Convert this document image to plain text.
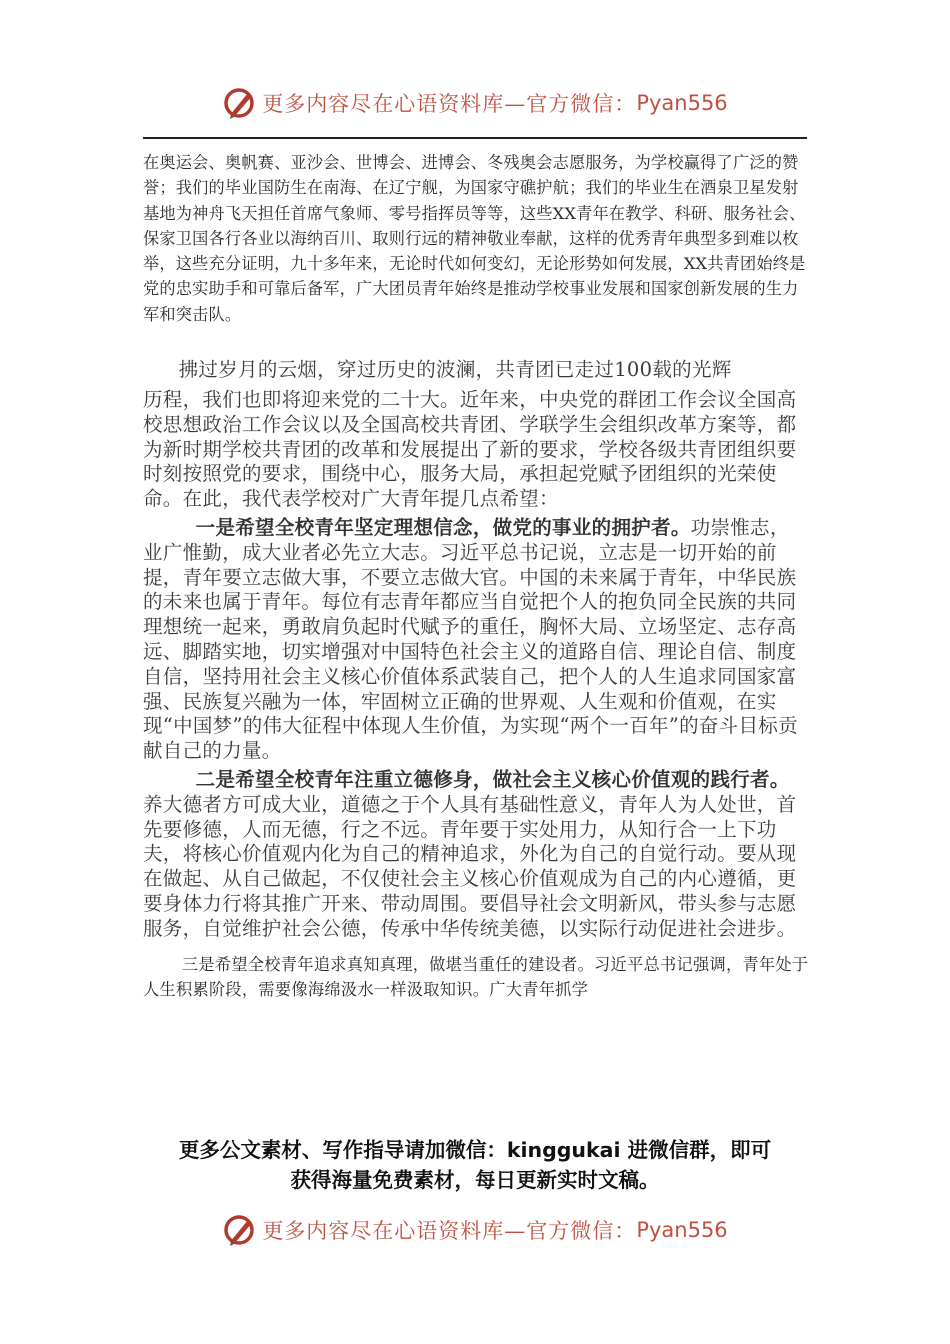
更多内容尽在心语资料库—官方微信： Pyan556

在奥运会、奥帆赛、亚沙会、世博会、进博会、冬残奥会志愿服务，为学校赢得了广泛的赞誉；我们的毕业国防生在南海、在辽宁舰，为国家守礁护航；我们的毕业生在酒泉卫星发射基地为神舟飞天担任首席气象师、零号指挥员等等，这些XX青年在教学、科研、服务社会、保家卫国各行各业以海纳百川、取则行远的精神敬业奉献，这样的优秀青年典型多到难以枚举，这些充分证明，九十多年来，无论时代如何变幻，无论形势如何发展，XX共青团始终是党的忠实助手和可靠后备军，广大团员青年始终是推动学校事业发展和国家创新发展的生力军和突击队。

拂过岁月的云烟，穿过历史的波澜，共青团已走过100载的光辉

历程，我们也即将迎来党的二十大。近年来，中央党的群团工作会议全国高校思想政治工作会议以及全国高校共青团、学联学生会组织改革方案等，都为新时期学校共青团的改革和发展提出了新的要求，学校各级共青团组织要时刻按照党的要求，围绕中心，服务大局，承担起党赋予团组织的光荣使命。在此，我代表学校对广大青年提几点希望：

一是希望全校青年坚定理想信念，做党的事业的拥护者。功崇惟志，业广惟勤，成大业者必先立大志。习近平总书记说，立志是一切开始的前提，青年要立志做大事，不要立志做大官。中国的未来属于青年，中华民族的未来也属于青年。每位有志青年都应当自觉把个人的抱负同全民族的共同理想统一起来，勇敢肩负起时代赋予的重任，胸怀大局、立场坚定、志存高远、脚踏实地，切实增强对中国特色社会主义的道路自信、理论自信、制度自信，坚持用社会主义核心价值体系武装自己，把个人的人生追求同国家富强、民族复兴融为一体，牢固树立正确的世界观、人生观和价值观，在实现“中国梦”的伟大征程中体现人生价值，为实现“两个一百年”的奋斗目标贡献自己的力量。

二是希望全校青年注重立德修身，做社会主义核心价值观的践行者。养大德者方可成大业，道德之于个人具有基础性意义，青年人为人处世，首先要修德，人而无德，行之不远。青年要于实处用力，从知行合一上下功夫，将核心价值观内化为自己的精神追求，外化为自己的自觉行动。要从现在做起、从自己做起，不仅使社会主义核心价值观成为自己的内心遵循，更要身体力行将其推广开来、带动周围。要倡导社会文明新风，带头参与志愿服务，自觉维护社会公德，传承中华传统美德，以实际行动促进社会进步。

三是希望全校青年追求真知真理，做堪当重任的建设者。习近平总书记强调，青年处于人生积累阶段，需要像海绵汲水一样汲取知识。广大青年抓学

更多公文素材、写作指导请加微信：kinggukai 进微信群，即可
获得海量免费素材，每日更新实时文稿。
更多内容尽在心语资料库—官方微信： Pyan556
